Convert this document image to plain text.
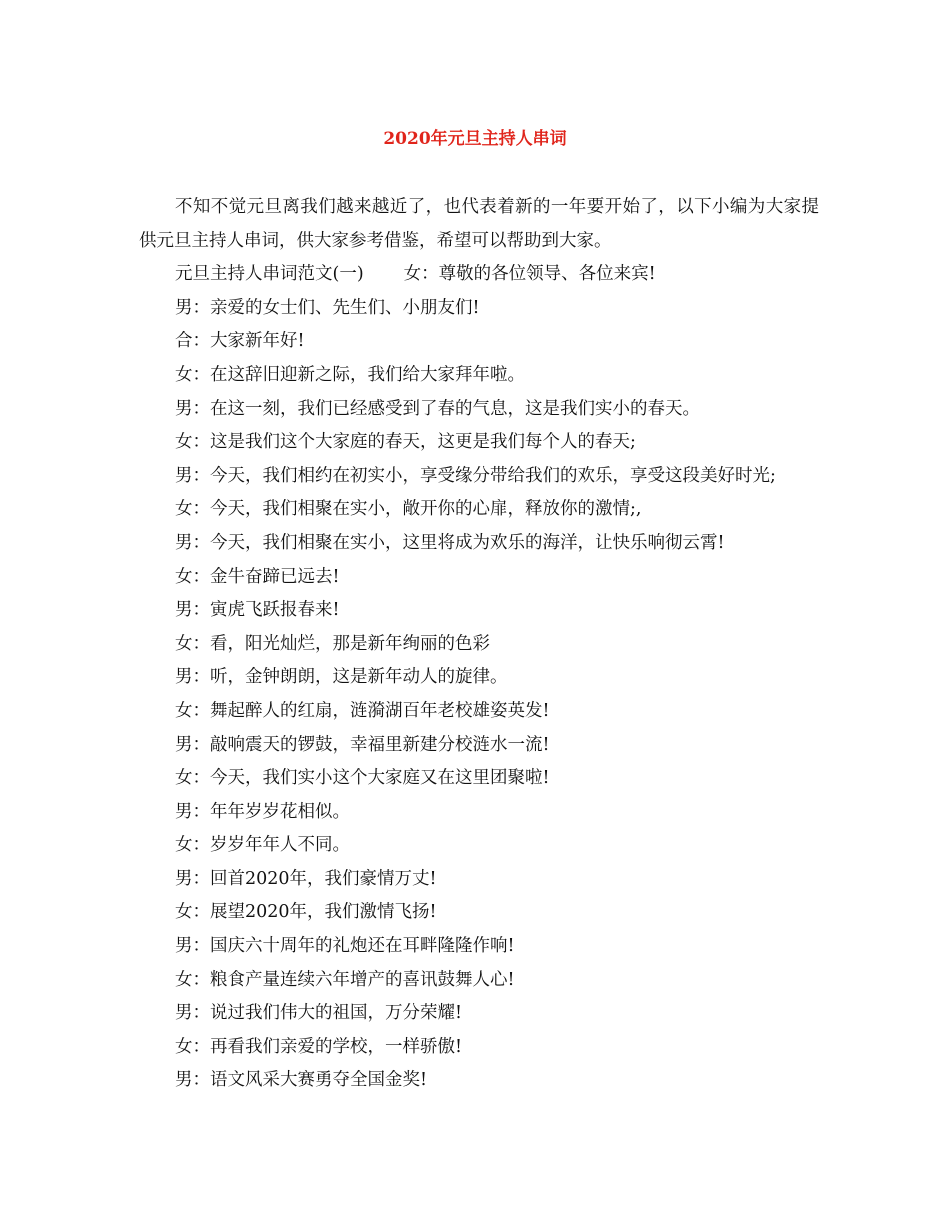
2020年元旦主持人串词

不知不觉元旦离我们越来越近了，也代表着新的一年要开始了，以下小编为大家提供元旦主持人串词，供大家参考借鉴，希望可以帮助到大家。

元旦主持人串词范文(一) 女：尊敬的各位领导、各位来宾!

男：亲爱的女士们、先生们、小朋友们!

合：大家新年好!

女：在这辞旧迎新之际，我们给大家拜年啦。

男：在这一刻，我们已经感受到了春的气息，这是我们实小的春天。

女：这是我们这个大家庭的春天，这更是我们每个人的春天;

男：今天，我们相约在初实小，享受缘分带给我们的欢乐，享受这段美好时光;

女：今天，我们相聚在实小，敞开你的心扉，释放你的激情;,

男：今天，我们相聚在实小，这里将成为欢乐的海洋，让快乐响彻云霄!

女：金牛奋蹄已远去!

男：寅虎飞跃报春来!

女：看，阳光灿烂，那是新年绚丽的色彩

男：听，金钟朗朗，这是新年动人的旋律。

女：舞起醉人的红扇，涟漪湖百年老校雄姿英发!

男：敲响震天的锣鼓，幸福里新建分校涟水一流!

女：今天，我们实小这个大家庭又在这里团聚啦!

男：年年岁岁花相似。

女：岁岁年年人不同。

男：回首2020年，我们豪情万丈!

女：展望2020年，我们激情飞扬!

男：国庆六十周年的礼炮还在耳畔隆隆作响!

女：粮食产量连续六年增产的喜讯鼓舞人心!

男：说过我们伟大的祖国，万分荣耀!

女：再看我们亲爱的学校，一样骄傲!

男：语文风采大赛勇夺全国金奖!
